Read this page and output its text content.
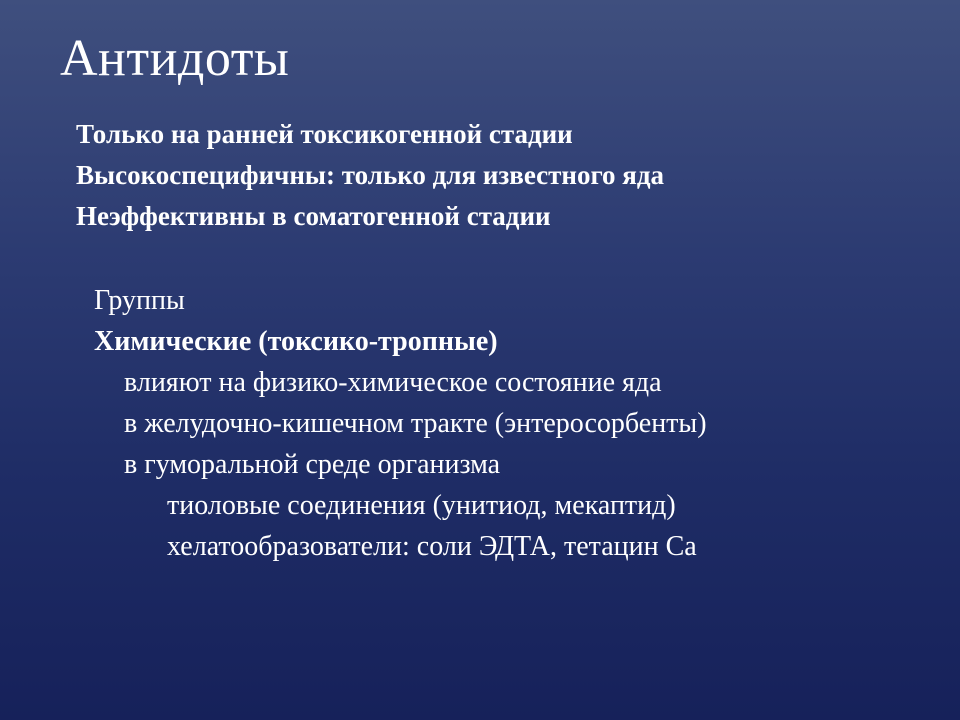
Антидоты
Только на ранней токсикогенной стадии
Высокоспецифичны: только для известного яда
Неэффективны в соматогенной стадии
Группы
Химические (токсико-тропные)
влияют на физико-химическое состояние яда
в желудочно-кишечном тракте (энтеросорбенты)
в гуморальной среде организма
тиоловые соединения (унитиод, мекаптид)
хелатообразователи: соли ЭДТА, тетацин Са
